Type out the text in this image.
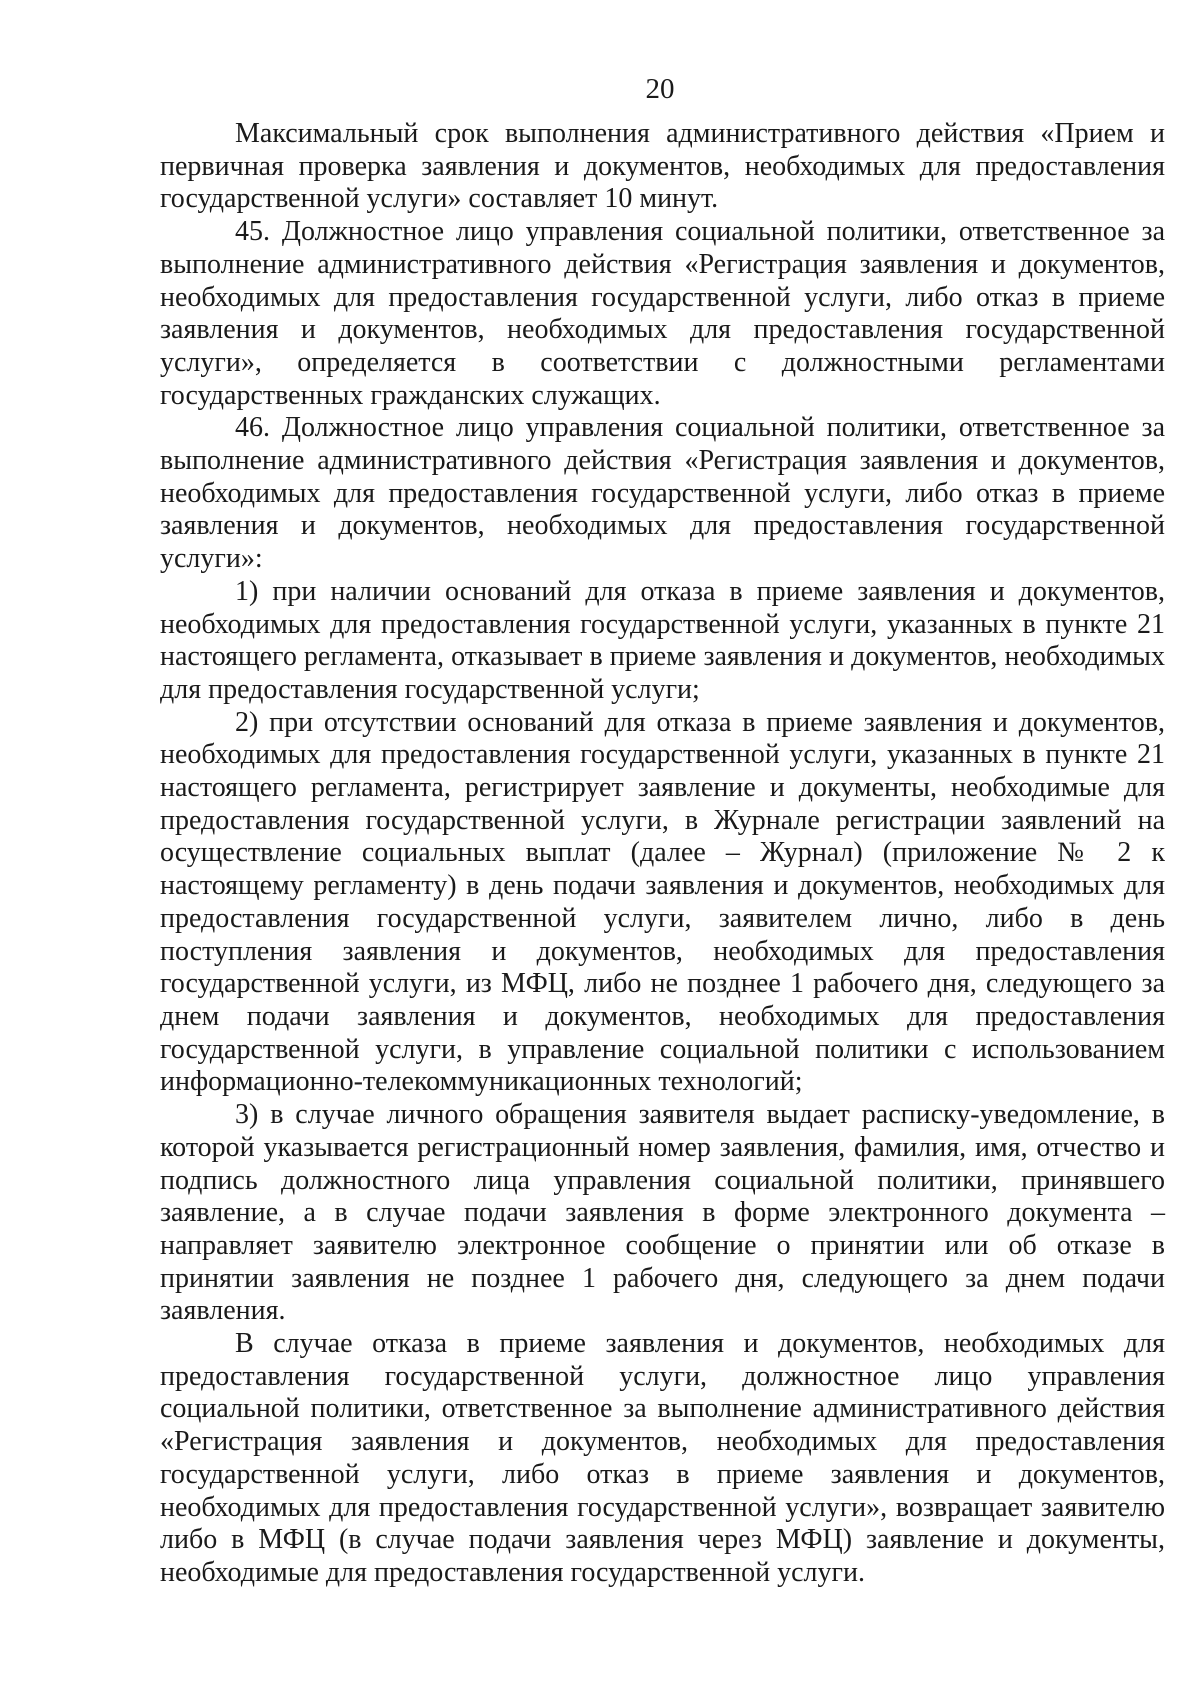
20

Максимальный срок выполнения административного действия «Прием и первичная проверка заявления и документов, необходимых для предоставления государственной услуги» составляет 10 минут.

45. Должностное лицо управления социальной политики, ответственное за выполнение административного действия «Регистрация заявления и документов, необходимых для предоставления государственной услуги, либо отказ в приеме заявления и документов, необходимых для предоставления государственной услуги», определяется в соответствии с должностными регламентами государственных гражданских служащих.

46. Должностное лицо управления социальной политики, ответственное за выполнение административного действия «Регистрация заявления и документов, необходимых для предоставления государственной услуги, либо отказ в приеме заявления и документов, необходимых для предоставления государственной услуги»:

1) при наличии оснований для отказа в приеме заявления и документов, необходимых для предоставления государственной услуги, указанных в пункте 21 настоящего регламента, отказывает в приеме заявления и документов, необходимых для предоставления государственной услуги;

2) при отсутствии оснований для отказа в приеме заявления и документов, необходимых для предоставления государственной услуги, указанных в пункте 21 настоящего регламента, регистрирует заявление и документы, необходимые для предоставления государственной услуги, в Журнале регистрации заявлений на осуществление социальных выплат (далее – Журнал) (приложение № 2 к настоящему регламенту) в день подачи заявления и документов, необходимых для предоставления государственной услуги, заявителем лично, либо в день поступления заявления и документов, необходимых для предоставления государственной услуги, из МФЦ, либо не позднее 1 рабочего дня, следующего за днем подачи заявления и документов, необходимых для предоставления государственной услуги, в управление социальной политики с использованием информационно-телекоммуникационных технологий;

3) в случае личного обращения заявителя выдает расписку-уведомление, в которой указывается регистрационный номер заявления, фамилия, имя, отчество и подпись должностного лица управления социальной политики, принявшего заявление, а в случае подачи заявления в форме электронного документа – направляет заявителю электронное сообщение о принятии или об отказе в принятии заявления не позднее 1 рабочего дня, следующего за днем подачи заявления.

В случае отказа в приеме заявления и документов, необходимых для предоставления государственной услуги, должностное лицо управления социальной политики, ответственное за выполнение административного действия «Регистрация заявления и документов, необходимых для предоставления государственной услуги, либо отказ в приеме заявления и документов, необходимых для предоставления государственной услуги», возвращает заявителю либо в МФЦ (в случае подачи заявления через МФЦ) заявление и документы, необходимые для предоставления государственной услуги.
